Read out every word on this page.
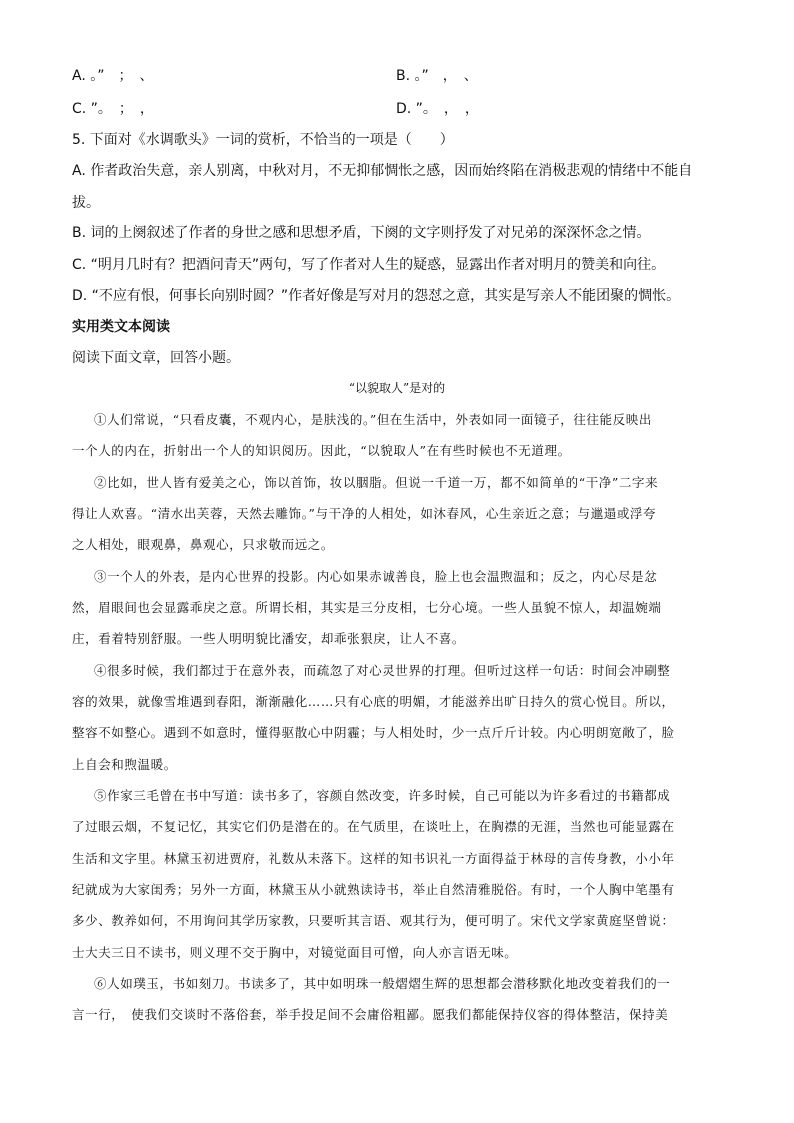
A. 。”　；　、	B. 。”　，　、
C. ”。　；　，	D. ”。　，　，
5. 下面对《水调歌头》一词的赏析，不恰当的一项是（　　）
A. 作者政治失意，亲人别离，中秋对月，不无抑郁惆怅之感，因而始终陷在消极悲观的情绪中不能自
拔。
B. 词的上阕叙述了作者的身世之感和思想矛盾，下阕的文字则抒发了对兄弟的深深怀念之情。
C. “明月几时有？把酒问青天”两句，写了作者对人生的疑惑，显露出作者对明月的赞美和向往。
D. “不应有恨，何事长向别时圆？”作者好像是写对月的怨怼之意，其实是写亲人不能团聚的惆怅。
实用类文本阅读
阅读下面文章，回答小题。
“以貌取人”是对的
①人们常说，“只看皮囊，不观内心，是肤浅的。”但在生活中，外表如同一面镜子，往往能反映出
一个人的内在，折射出一个人的知识阅历。因此，“以貌取人”在有些时候也不无道理。
②比如，世人皆有爱美之心，饰以首饰，妆以胭脂。但说一千道一万，都不如简单的“干净”二字来
得让人欢喜。“清水出芙蓉，天然去雕饰。”与干净的人相处，如沐春风，心生亲近之意；与邋遢或浮夸
之人相处，眼观鼻，鼻观心，只求敬而远之。
③一个人的外表，是内心世界的投影。内心如果赤诚善良，脸上也会温煦温和；反之，内心尽是忿
然，眉眼间也会显露乖戾之意。所谓长相，其实是三分皮相，七分心境。一些人虽貌不惊人，却温婉端
庄，看着特别舒服。一些人明明貌比潘安，却乖张狠戾，让人不喜。
④很多时候，我们都过于在意外表，而疏忽了对心灵世界的打理。但听过这样一句话：时间会冲刷整
容的效果，就像雪堆遇到春阳，渐渐融化……只有心底的明媚，才能滋养出旷日持久的赏心悦目。所以，
整容不如整心。遇到不如意时，懂得驱散心中阴霾；与人相处时，少一点斤斤计较。内心明朗宽敞了，脸
上自会和煦温暖。
⑤作家三毛曾在书中写道：读书多了，容颜自然改变，许多时候，自己可能以为许多看过的书籍都成
了过眼云烟，不复记忆，其实它们仍是潜在的。在气质里，在谈吐上，在胸襟的无涯，当然也可能显露在
生活和文字里。林黛玉初进贾府，礼数从未落下。这样的知书识礼一方面得益于林母的言传身教，小小年
纪就成为大家闺秀；另外一方面，林黛玉从小就熟读诗书，举止自然清雅脱俗。有时，一个人胸中笔墨有
多少、教养如何，不用询问其学历家教，只要听其言语、观其行为，便可明了。宋代文学家黄庭坚曾说：
士大夫三日不读书，则义理不交于胸中，对镜觉面目可憎，向人亦言语无味。
⑥人如璞玉，书如刻刀。书读多了，其中如明珠一般熠熠生辉的思想都会潜移默化地改变着我们的一
言一行，　使我们交谈时不落俗套，举手投足间不会庸俗粗鄙。愿我们都能保持仪容的得体整洁，保持美
